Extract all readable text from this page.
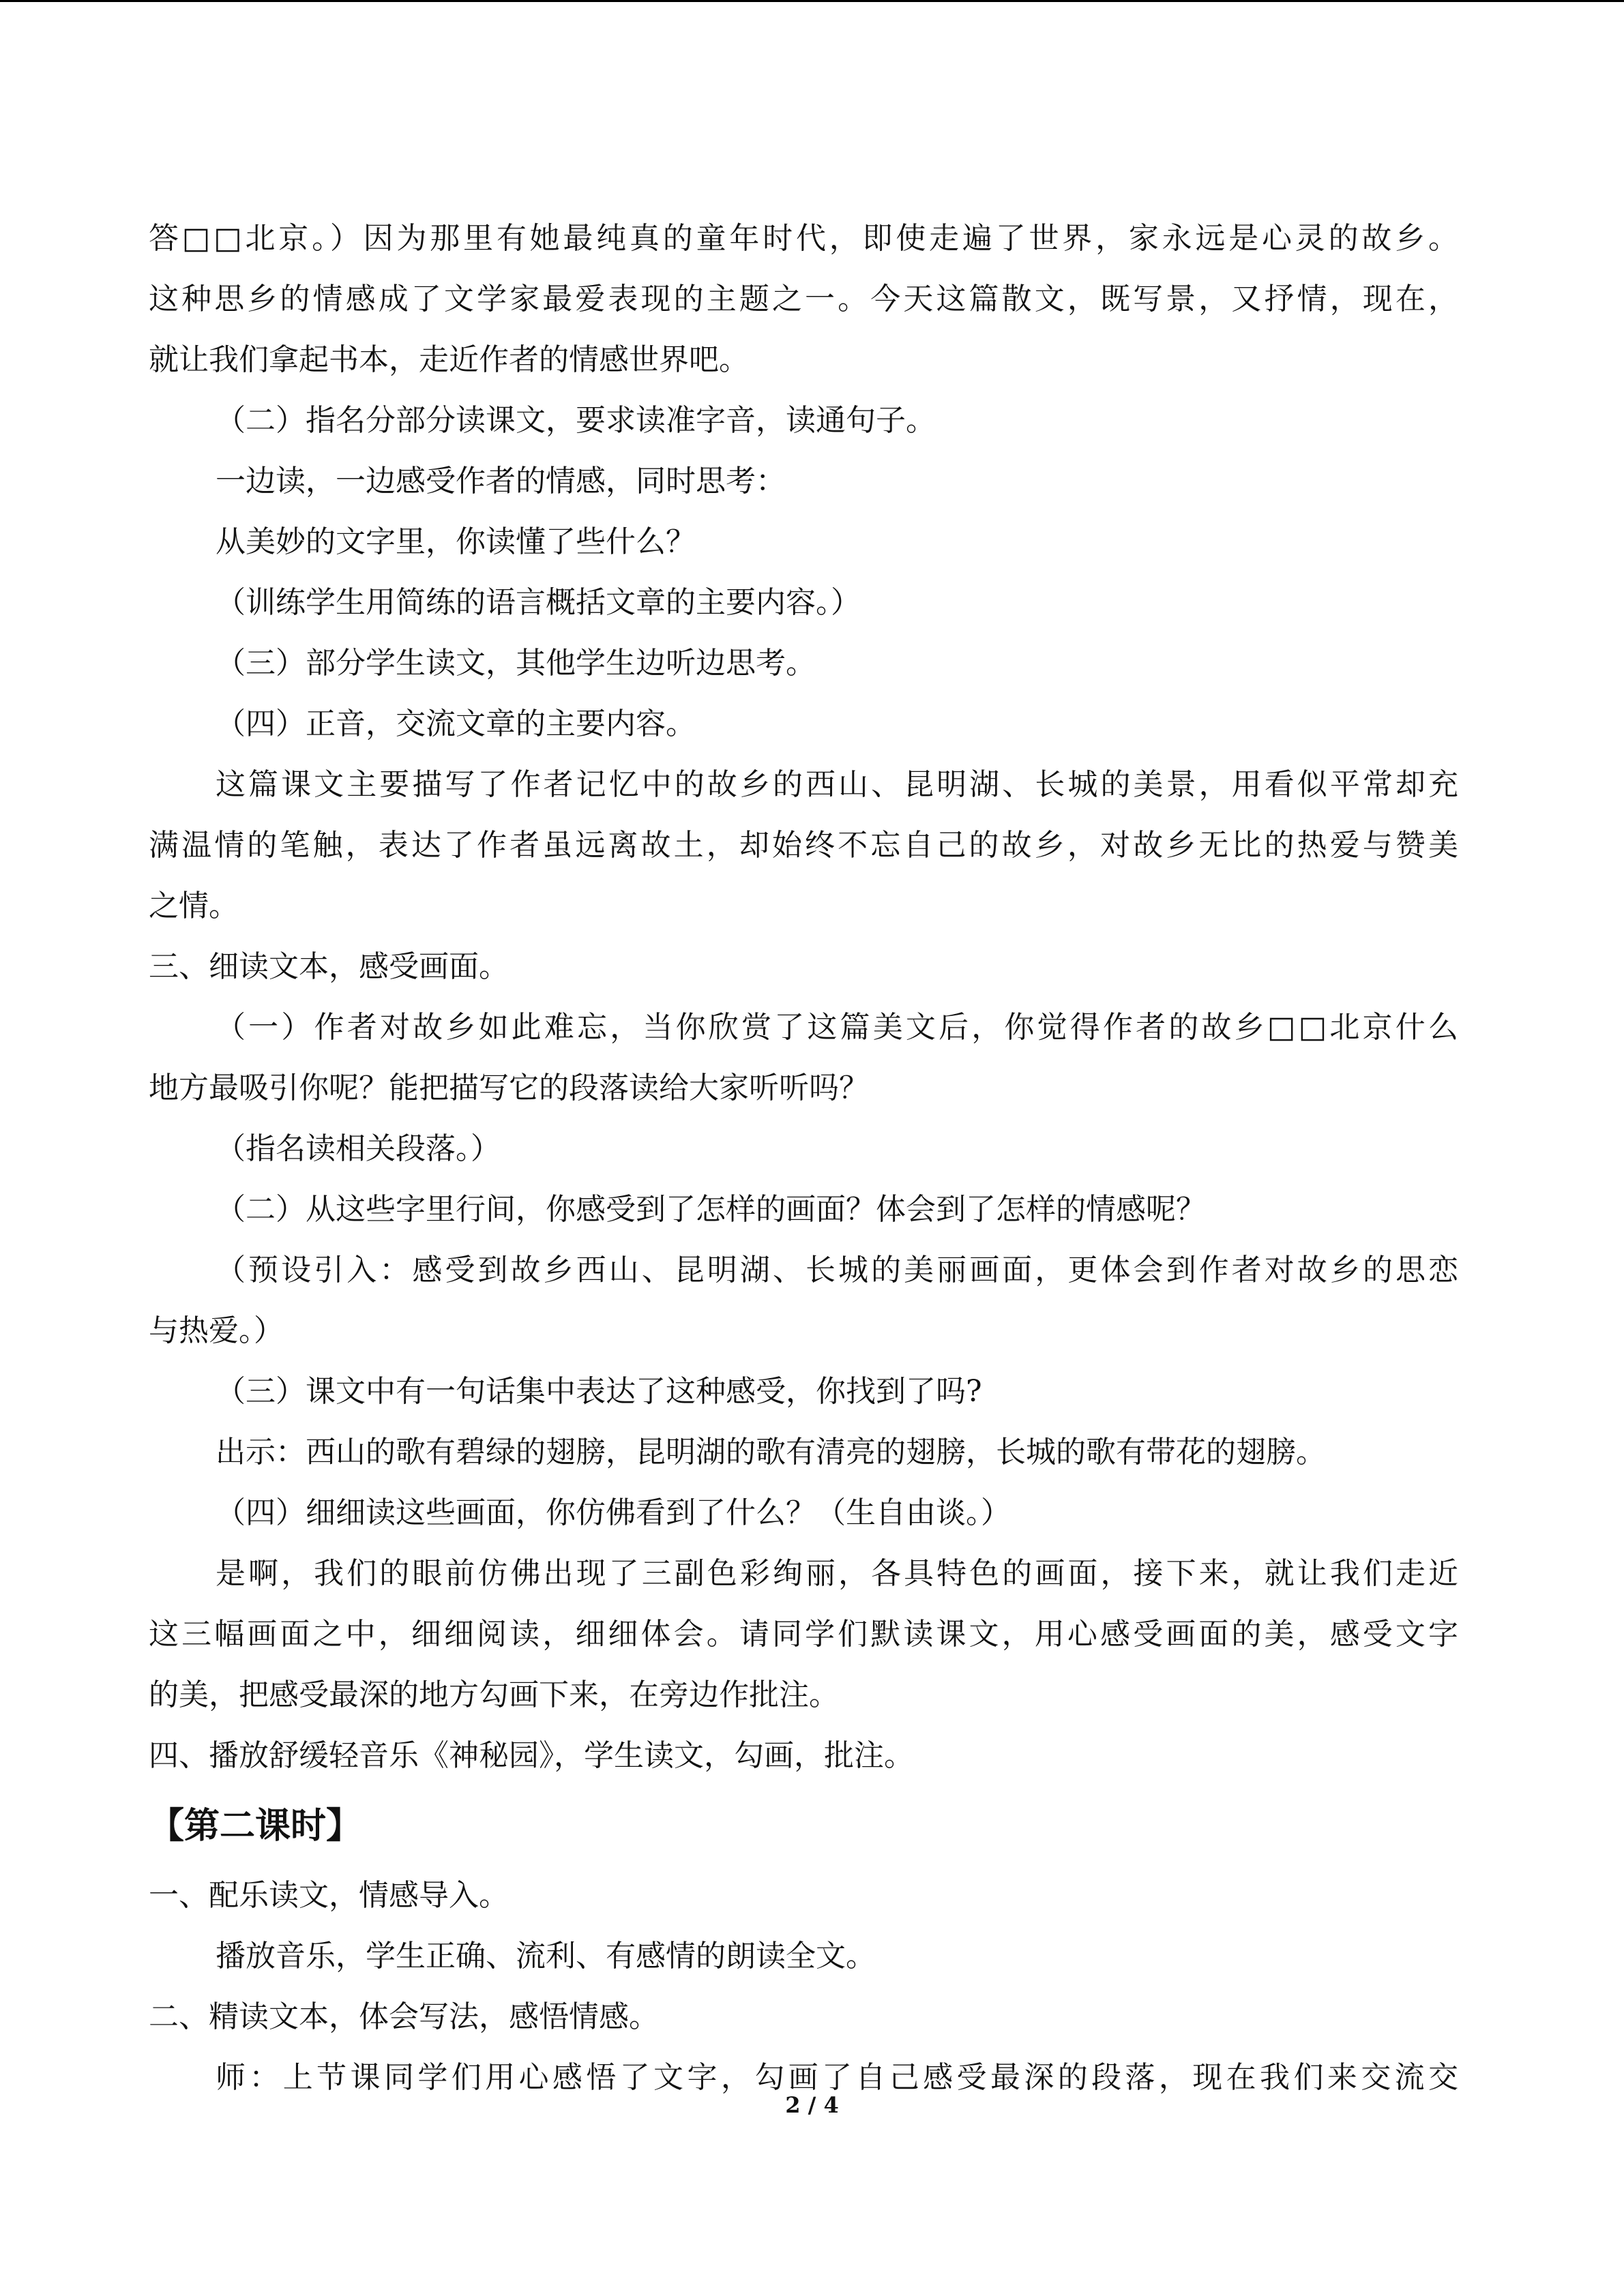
答□□北京。）因为那里有她最纯真的童年时代，即使走遍了世界，家永远是心灵的故乡。
这种思乡的情感成了文学家最爱表现的主题之一。今天这篇散文，既写景，又抒情，现在，
就让我们拿起书本，走近作者的情感世界吧。
（二）指名分部分读课文，要求读准字音，读通句子。
一边读，一边感受作者的情感，同时思考：
从美妙的文字里，你读懂了些什么？
（训练学生用简练的语言概括文章的主要内容。）
（三）部分学生读文，其他学生边听边思考。
（四）正音，交流文章的主要内容。
这篇课文主要描写了作者记忆中的故乡的西山、昆明湖、长城的美景，用看似平常却充
满温情的笔触，表达了作者虽远离故土，却始终不忘自己的故乡，对故乡无比的热爱与赞美
之情。
三、细读文本，感受画面。
（一）作者对故乡如此难忘，当你欣赏了这篇美文后，你觉得作者的故乡□□北京什么
地方最吸引你呢？能把描写它的段落读给大家听听吗？
（指名读相关段落。）
（二）从这些字里行间，你感受到了怎样的画面？体会到了怎样的情感呢？
（预设引入：感受到故乡西山、昆明湖、长城的美丽画面，更体会到作者对故乡的思恋
与热爱。）
（三）课文中有一句话集中表达了这种感受，你找到了吗?
出示：西山的歌有碧绿的翅膀，昆明湖的歌有清亮的翅膀，长城的歌有带花的翅膀。
（四）细细读这些画面，你仿佛看到了什么？（生自由谈。）
是啊，我们的眼前仿佛出现了三副色彩绚丽，各具特色的画面，接下来，就让我们走近
这三幅画面之中，细细阅读，细细体会。请同学们默读课文，用心感受画面的美，感受文字
的美，把感受最深的地方勾画下来，在旁边作批注。
四、播放舒缓轻音乐《神秘园》，学生读文，勾画，批注。
【第二课时】
一、配乐读文，情感导入。
播放音乐，学生正确、流利、有感情的朗读全文。
二、精读文本，体会写法，感悟情感。
师：上节课同学们用心感悟了文字，勾画了自己感受最深的段落，现在我们来交流交
2 / 4
